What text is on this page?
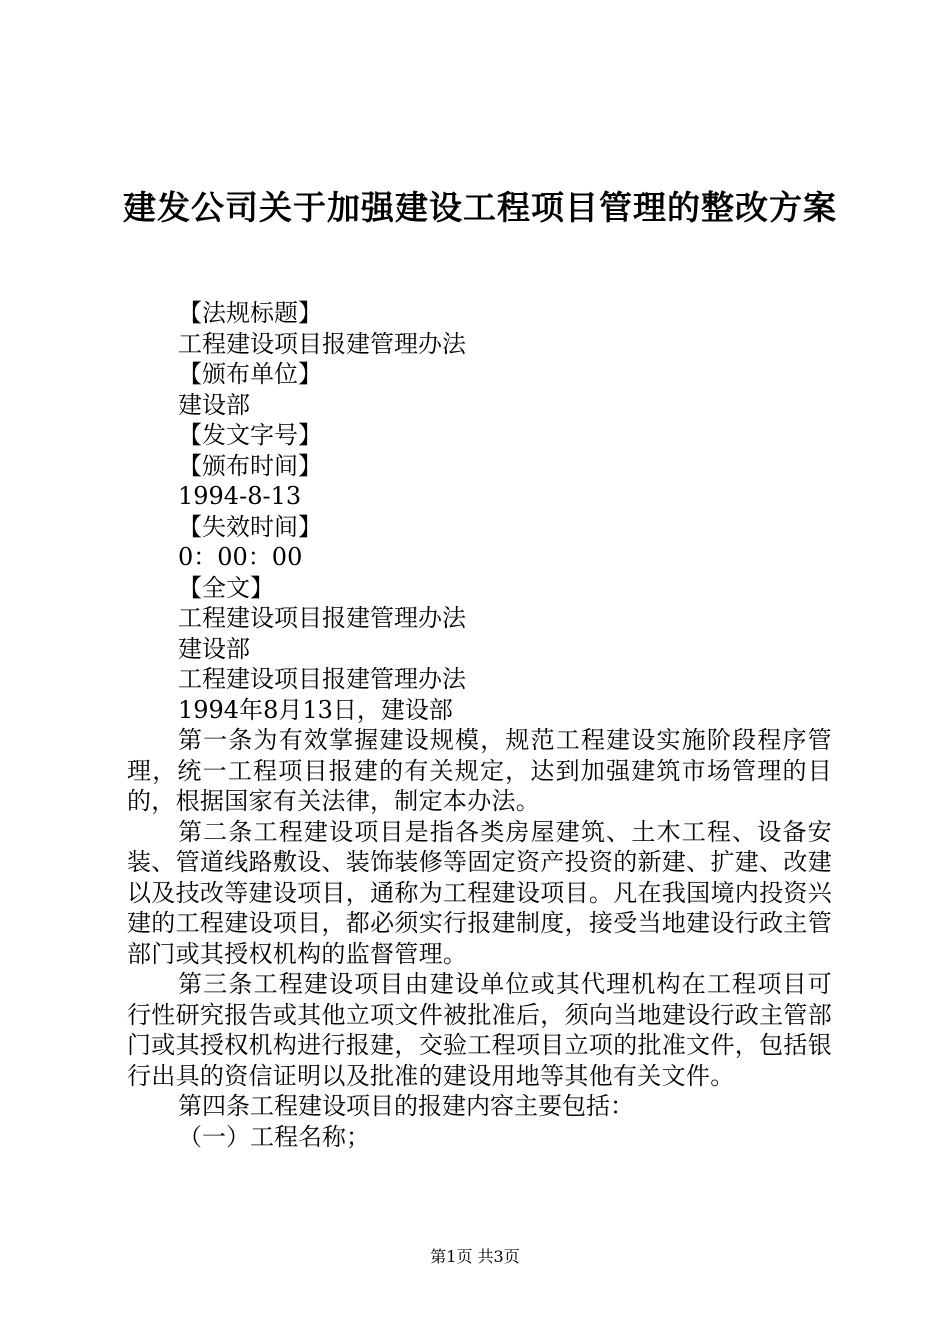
建发公司关于加强建设工程项目管理的整改方案

【法规标题】

工程建设项目报建管理办法

【颁布单位】

建设部

【发文字号】

【颁布时间】

1994-8-13

【失效时间】

0：00：00

【全文】

工程建设项目报建管理办法

建设部

工程建设项目报建管理办法

1994年8月13日，建设部

第一条为有效掌握建设规模，规范工程建设实施阶段程序管理，统一工程项目报建的有关规定，达到加强建筑市场管理的目的，根据国家有关法律，制定本办法。

第二条工程建设项目是指各类房屋建筑、土木工程、设备安装、管道线路敷设、装饰装修等固定资产投资的新建、扩建、改建以及技改等建设项目，通称为工程建设项目。凡在我国境内投资兴建的工程建设项目，都必须实行报建制度，接受当地建设行政主管部门或其授权机构的监督管理。

第三条工程建设项目由建设单位或其代理机构在工程项目可行性研究报告或其他立项文件被批准后，须向当地建设行政主管部门或其授权机构进行报建，交验工程项目立项的批准文件，包括银行出具的资信证明以及批准的建设用地等其他有关文件。

第四条工程建设项目的报建内容主要包括：

（一）工程名称；

第1页 共3页
